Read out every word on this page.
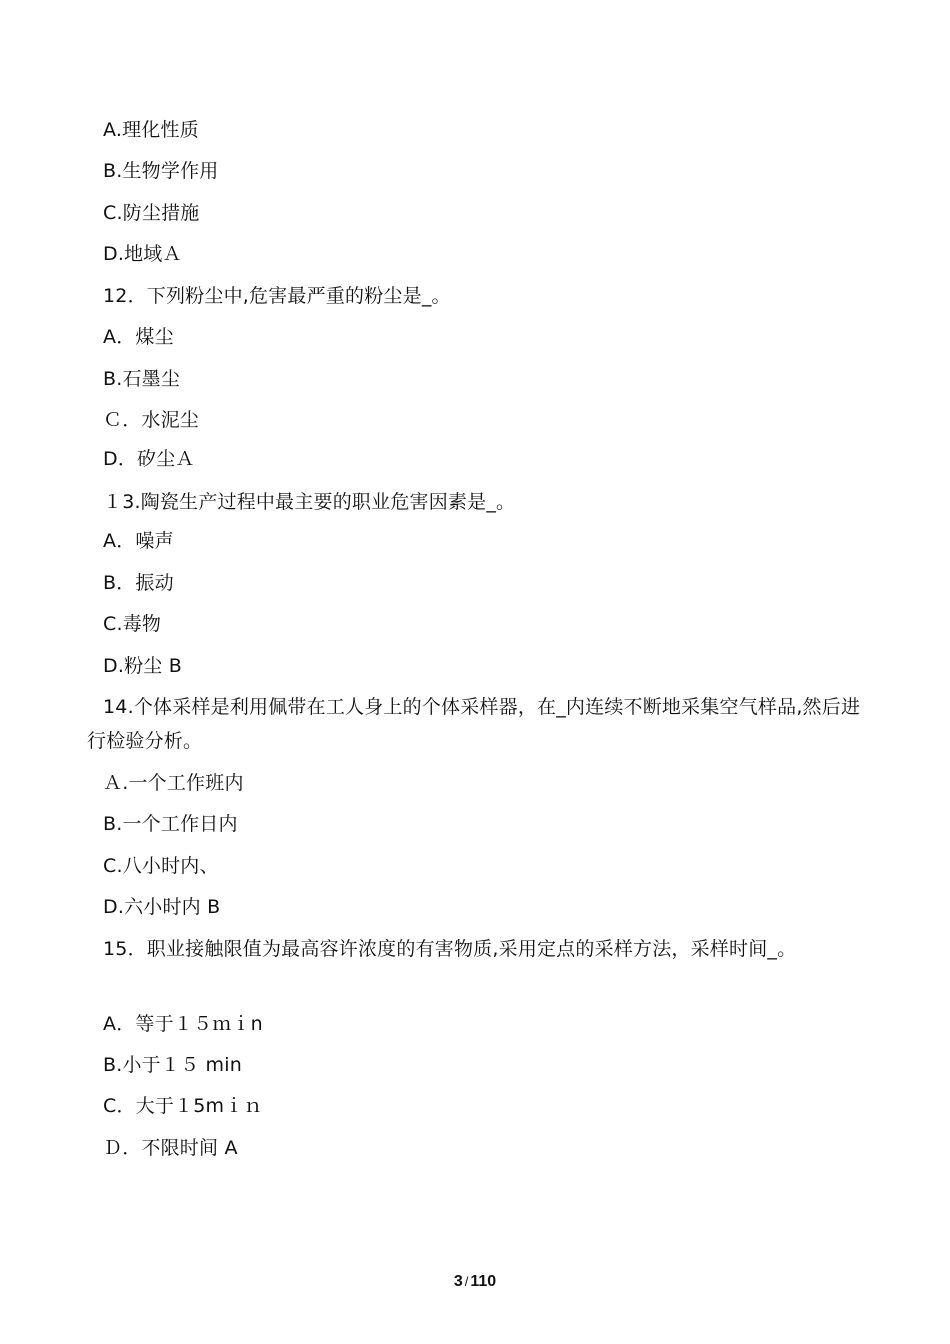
A.理化性质
B.生物学作用
C.防尘措施
D.地域Ａ
12．下列粉尘中,危害最严重的粉尘是_。
A．煤尘
B.石墨尘
Ｃ．水泥尘
D．矽尘Ａ
１3.陶瓷生产过程中最主要的职业危害因素是_。
A．噪声
B．振动
C.毒物
D.粉尘 B
14.个体采样是利用佩带在工人身上的个体采样器，在_内连续不断地采集空气样品,然后进行检验分析。
Ａ.一个工作班内
B.一个工作日内
C.八小时内、
D.六小时内 B
15．职业接触限值为最高容许浓度的有害物质,采用定点的采样方法，采样时间_。
A．等于１５ｍｉn
B.小于１５ min
C．大于１5mｉｎ
Ｄ．不限时间 A
3 / 110
